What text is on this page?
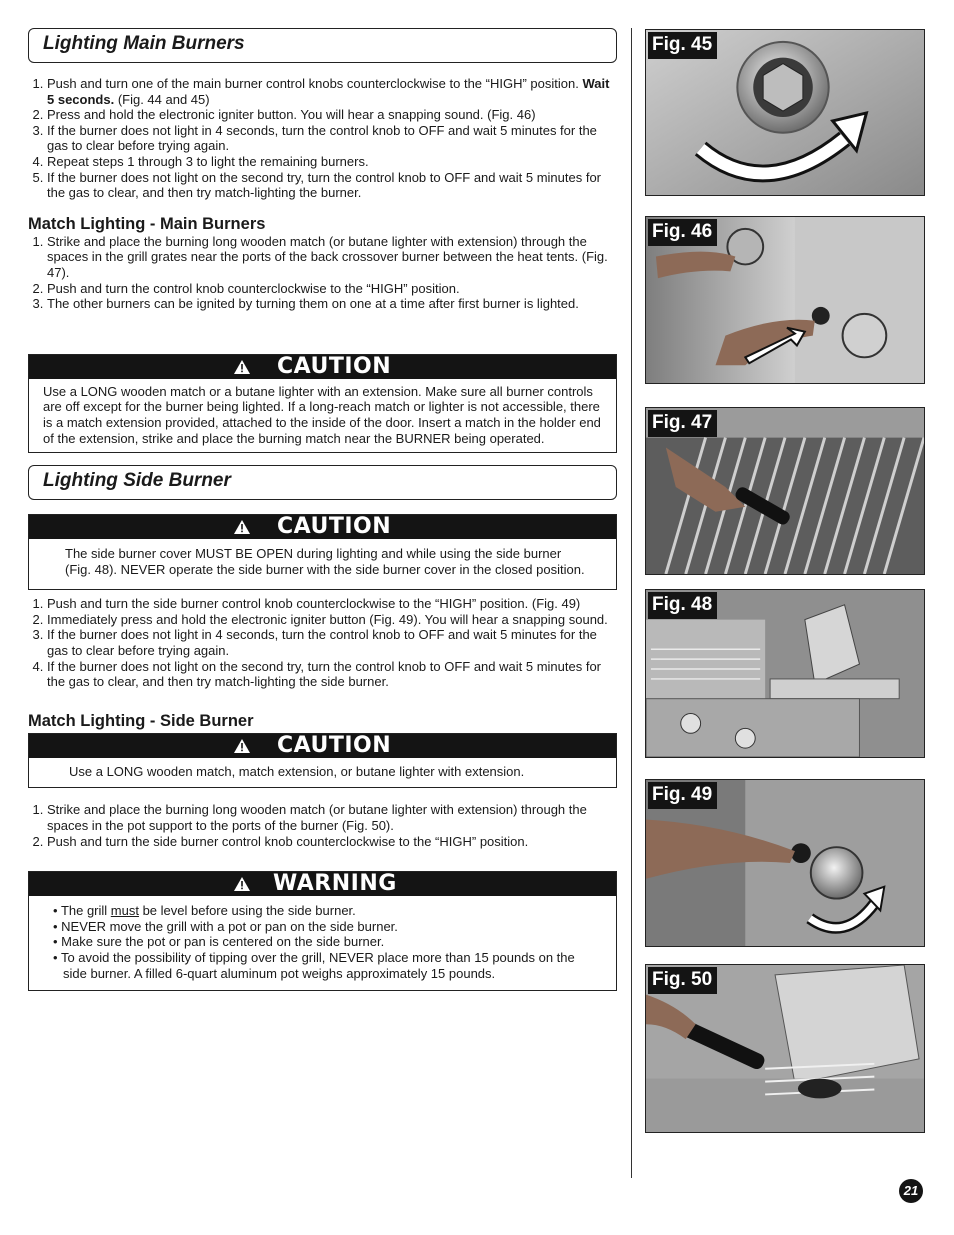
Lighting Main Burners
1. Push and turn one of the main burner control knobs counterclockwise to the “HIGH” position. Wait 5 seconds. (Fig. 44 and 45)
2. Press and hold the electronic igniter button. You will hear a snapping sound. (Fig. 46)
3. If the burner does not light in 4 seconds, turn the control knob to OFF and wait 5 minutes for the gas to clear before trying again.
4. Repeat steps 1 through 3 to light the remaining burners.
5. If the burner does not light on the second try, turn the control knob to OFF and wait 5 minutes for the gas to clear, and then try match-lighting the burner.

Match Lighting - Main Burners

1. Strike and place the burning long wooden match (or butane lighter with extension) through the spaces in the grill grates near the ports of the back crossover burner between the heat tents. (Fig. 47).
2. Push and turn the control knob counterclockwise to the “HIGH” position.
3. The other burners can be ignited by turning them on one at a time after first burner is lighted.
CAUTION
Use a LONG wooden match or a butane lighter with an extension. Make sure all burner controls are off except for the burner being lighted. If a long-reach match or lighter is not accessible, there is a match extension provided, attached to the inside of the door. Insert a match in the holder end of the extension, strike and place the burning match near the BURNER being operated.
Lighting Side Burner
CAUTION
The side burner cover MUST BE OPEN during lighting and while using the side burner (Fig. 48). NEVER operate the side burner with the side burner cover in the closed position.
1. Push and turn the side burner control knob counterclockwise to the “HIGH” position. (Fig. 49)
2. Immediately press and hold the electronic igniter button (Fig. 49). You will hear a snapping sound.
3. If the burner does not light in 4 seconds, turn the control knob to OFF and wait 5 minutes for the gas to clear before trying again.
4. If the burner does not light on the second try, turn the control knob to OFF and wait 5 minutes for the gas to clear, and then try match-lighting the side burner.

Match Lighting - Side Burner

CAUTION
Use a LONG wooden match, match extension, or butane lighter with extension.
1. Strike and place the burning long wooden match (or butane lighter with extension) through the spaces in the pot support to the ports of the burner (Fig. 50).
2. Push and turn the side burner control knob counterclockwise to the “HIGH” position.
WARNING
• The grill must be level before using the side burner.
• NEVER move the grill with a pot or pan on the side burner.
• Make sure the pot or pan is centered on the side burner.
• To avoid the possibility of tipping over the grill, NEVER place more than 15 pounds on the side burner. A filled 6-quart aluminum pot weighs approximately 15 pounds.
Fig. 45
Fig. 46
Fig. 47
Fig. 48
Fig. 49
Fig. 50
21
